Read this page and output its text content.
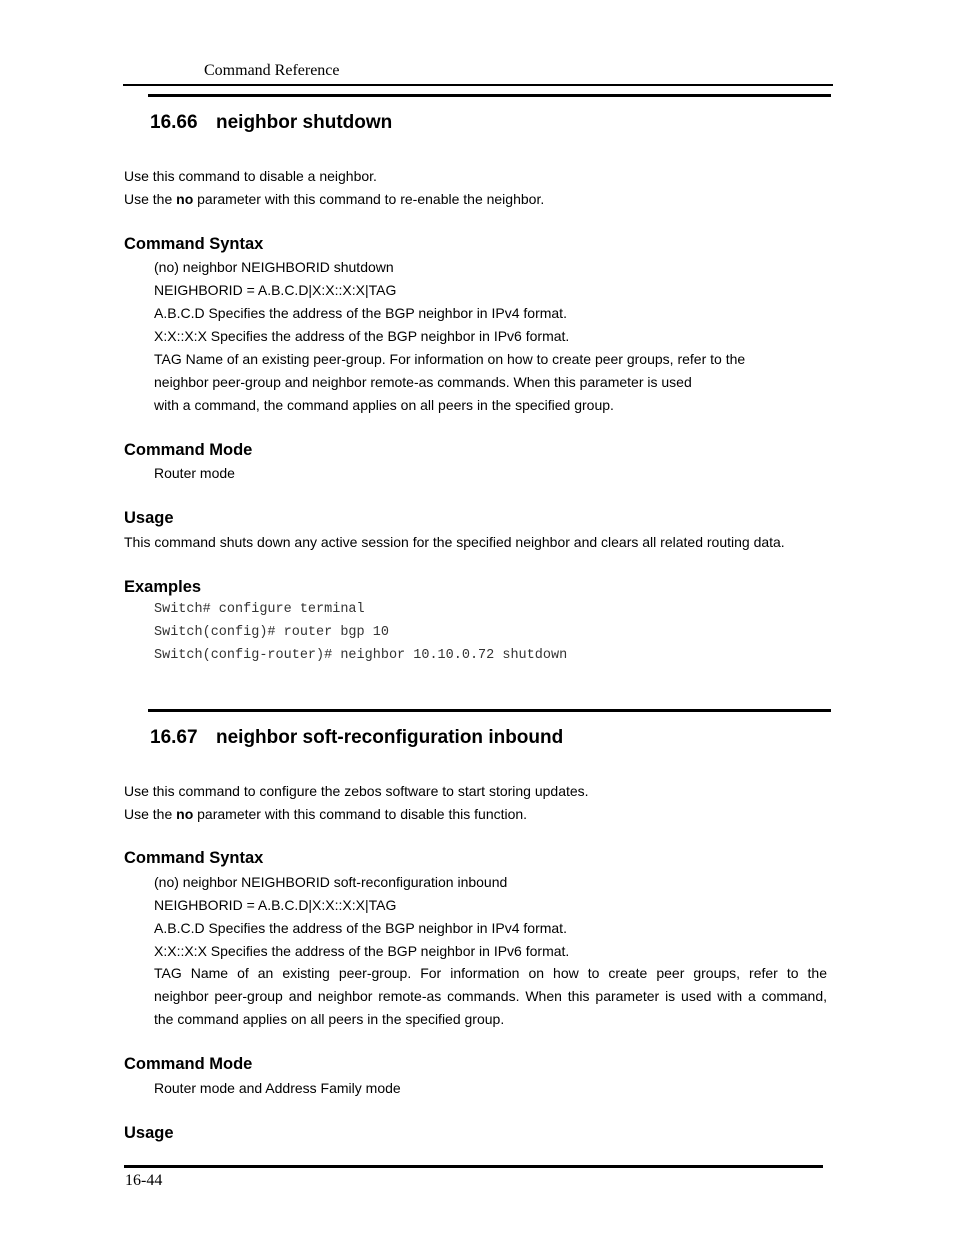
Command Reference
16.66 neighbor shutdown
Use this command to disable a neighbor.
Use the no parameter with this command to re-enable the neighbor.
Command Syntax
(no) neighbor NEIGHBORID shutdown
NEIGHBORID = A.B.C.D|X:X::X:X|TAG
A.B.C.D Specifies the address of the BGP neighbor in IPv4 format.
X:X::X:X Specifies the address of the BGP neighbor in IPv6 format.
TAG Name of an existing peer-group. For information on how to create peer groups, refer to the
neighbor peer-group and neighbor remote-as commands. When this parameter is used
with a command, the command applies on all peers in the specified group.
Command Mode
Router mode
Usage
This command shuts down any active session for the specified neighbor and clears all related routing data.
Examples
Switch# configure terminal
Switch(config)# router bgp 10
Switch(config-router)# neighbor 10.10.0.72 shutdown
16.67 neighbor soft-reconfiguration inbound
Use this command to configure the zebos software to start storing updates.
Use the no parameter with this command to disable this function.
Command Syntax
(no) neighbor NEIGHBORID soft-reconfiguration inbound
NEIGHBORID = A.B.C.D|X:X::X:X|TAG
A.B.C.D Specifies the address of the BGP neighbor in IPv4 format.
X:X::X:X Specifies the address of the BGP neighbor in IPv6 format.
TAG Name of an existing peer-group. For information on how to create peer groups, refer to the
neighbor peer-group and neighbor remote-as commands. When this parameter is used with a command,
the command applies on all peers in the specified group.
Command Mode
Router mode and Address Family mode
Usage
16-44
